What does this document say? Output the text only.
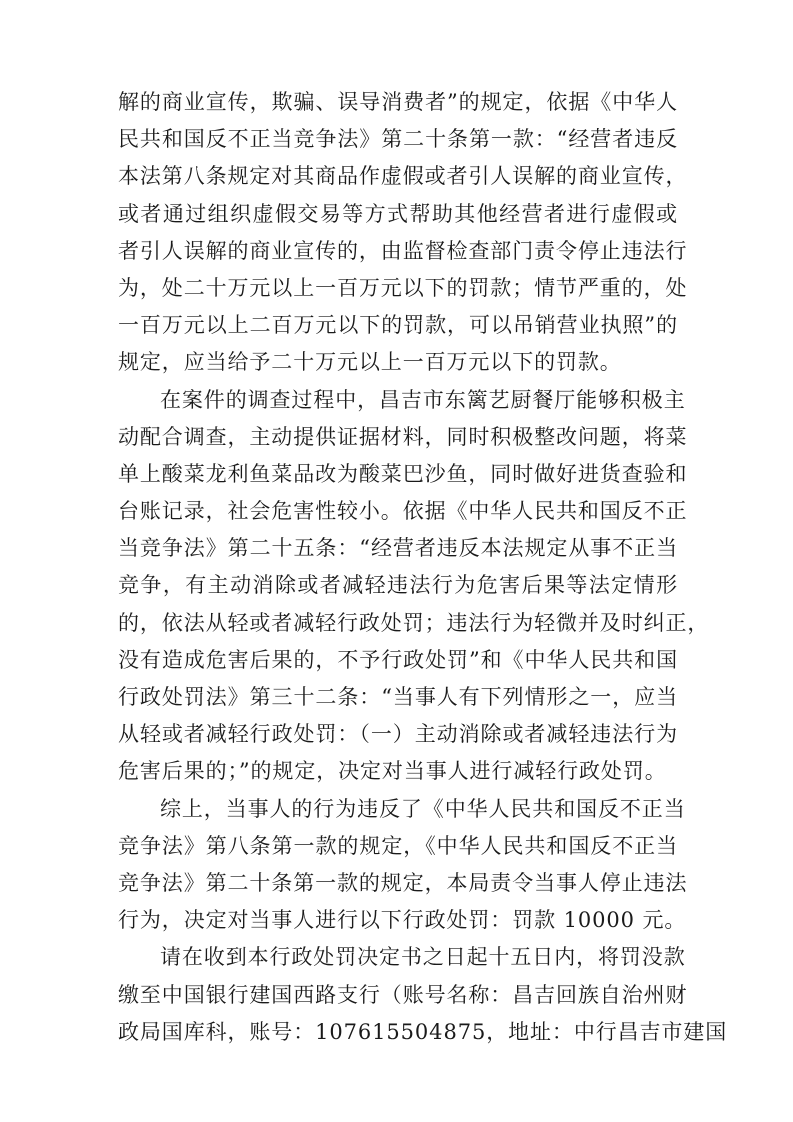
解的商业宣传，欺骗、误导消费者”的规定，依据《中华人
民共和国反不正当竞争法》第二十条第一款：“经营者违反
本法第八条规定对其商品作虚假或者引人误解的商业宣传，
或者通过组织虚假交易等方式帮助其他经营者进行虚假或
者引人误解的商业宣传的，由监督检查部门责令停止违法行
为，处二十万元以上一百万元以下的罚款；情节严重的，处
一百万元以上二百万元以下的罚款，可以吊销营业执照”的
规定，应当给予二十万元以上一百万元以下的罚款。
在案件的调查过程中，昌吉市东篱艺厨餐厅能够积极主
动配合调查，主动提供证据材料，同时积极整改问题，将菜
单上酸菜龙利鱼菜品改为酸菜巴沙鱼，同时做好进货查验和
台账记录，社会危害性较小。依据《中华人民共和国反不正
当竞争法》第二十五条：“经营者违反本法规定从事不正当
竞争，有主动消除或者减轻违法行为危害后果等法定情形
的，依法从轻或者减轻行政处罚；违法行为轻微并及时纠正，
没有造成危害后果的，不予行政处罚”和《中华人民共和国
行政处罚法》第三十二条：“当事人有下列情形之一，应当
从轻或者减轻行政处罚：（一）主动消除或者减轻违法行为
危害后果的；”的规定，决定对当事人进行减轻行政处罚。
综上，当事人的行为违反了《中华人民共和国反不正当
竞争法》第八条第一款的规定，《中华人民共和国反不正当
竞争法》第二十条第一款的规定，本局责令当事人停止违法
行为，决定对当事人进行以下行政处罚：罚款 10000 元。
请在收到本行政处罚决定书之日起十五日内，将罚没款
缴至中国银行建国西路支行（账号名称：昌吉回族自治州财
政局国库科，账号：107615504875，地址：中行昌吉市建国
